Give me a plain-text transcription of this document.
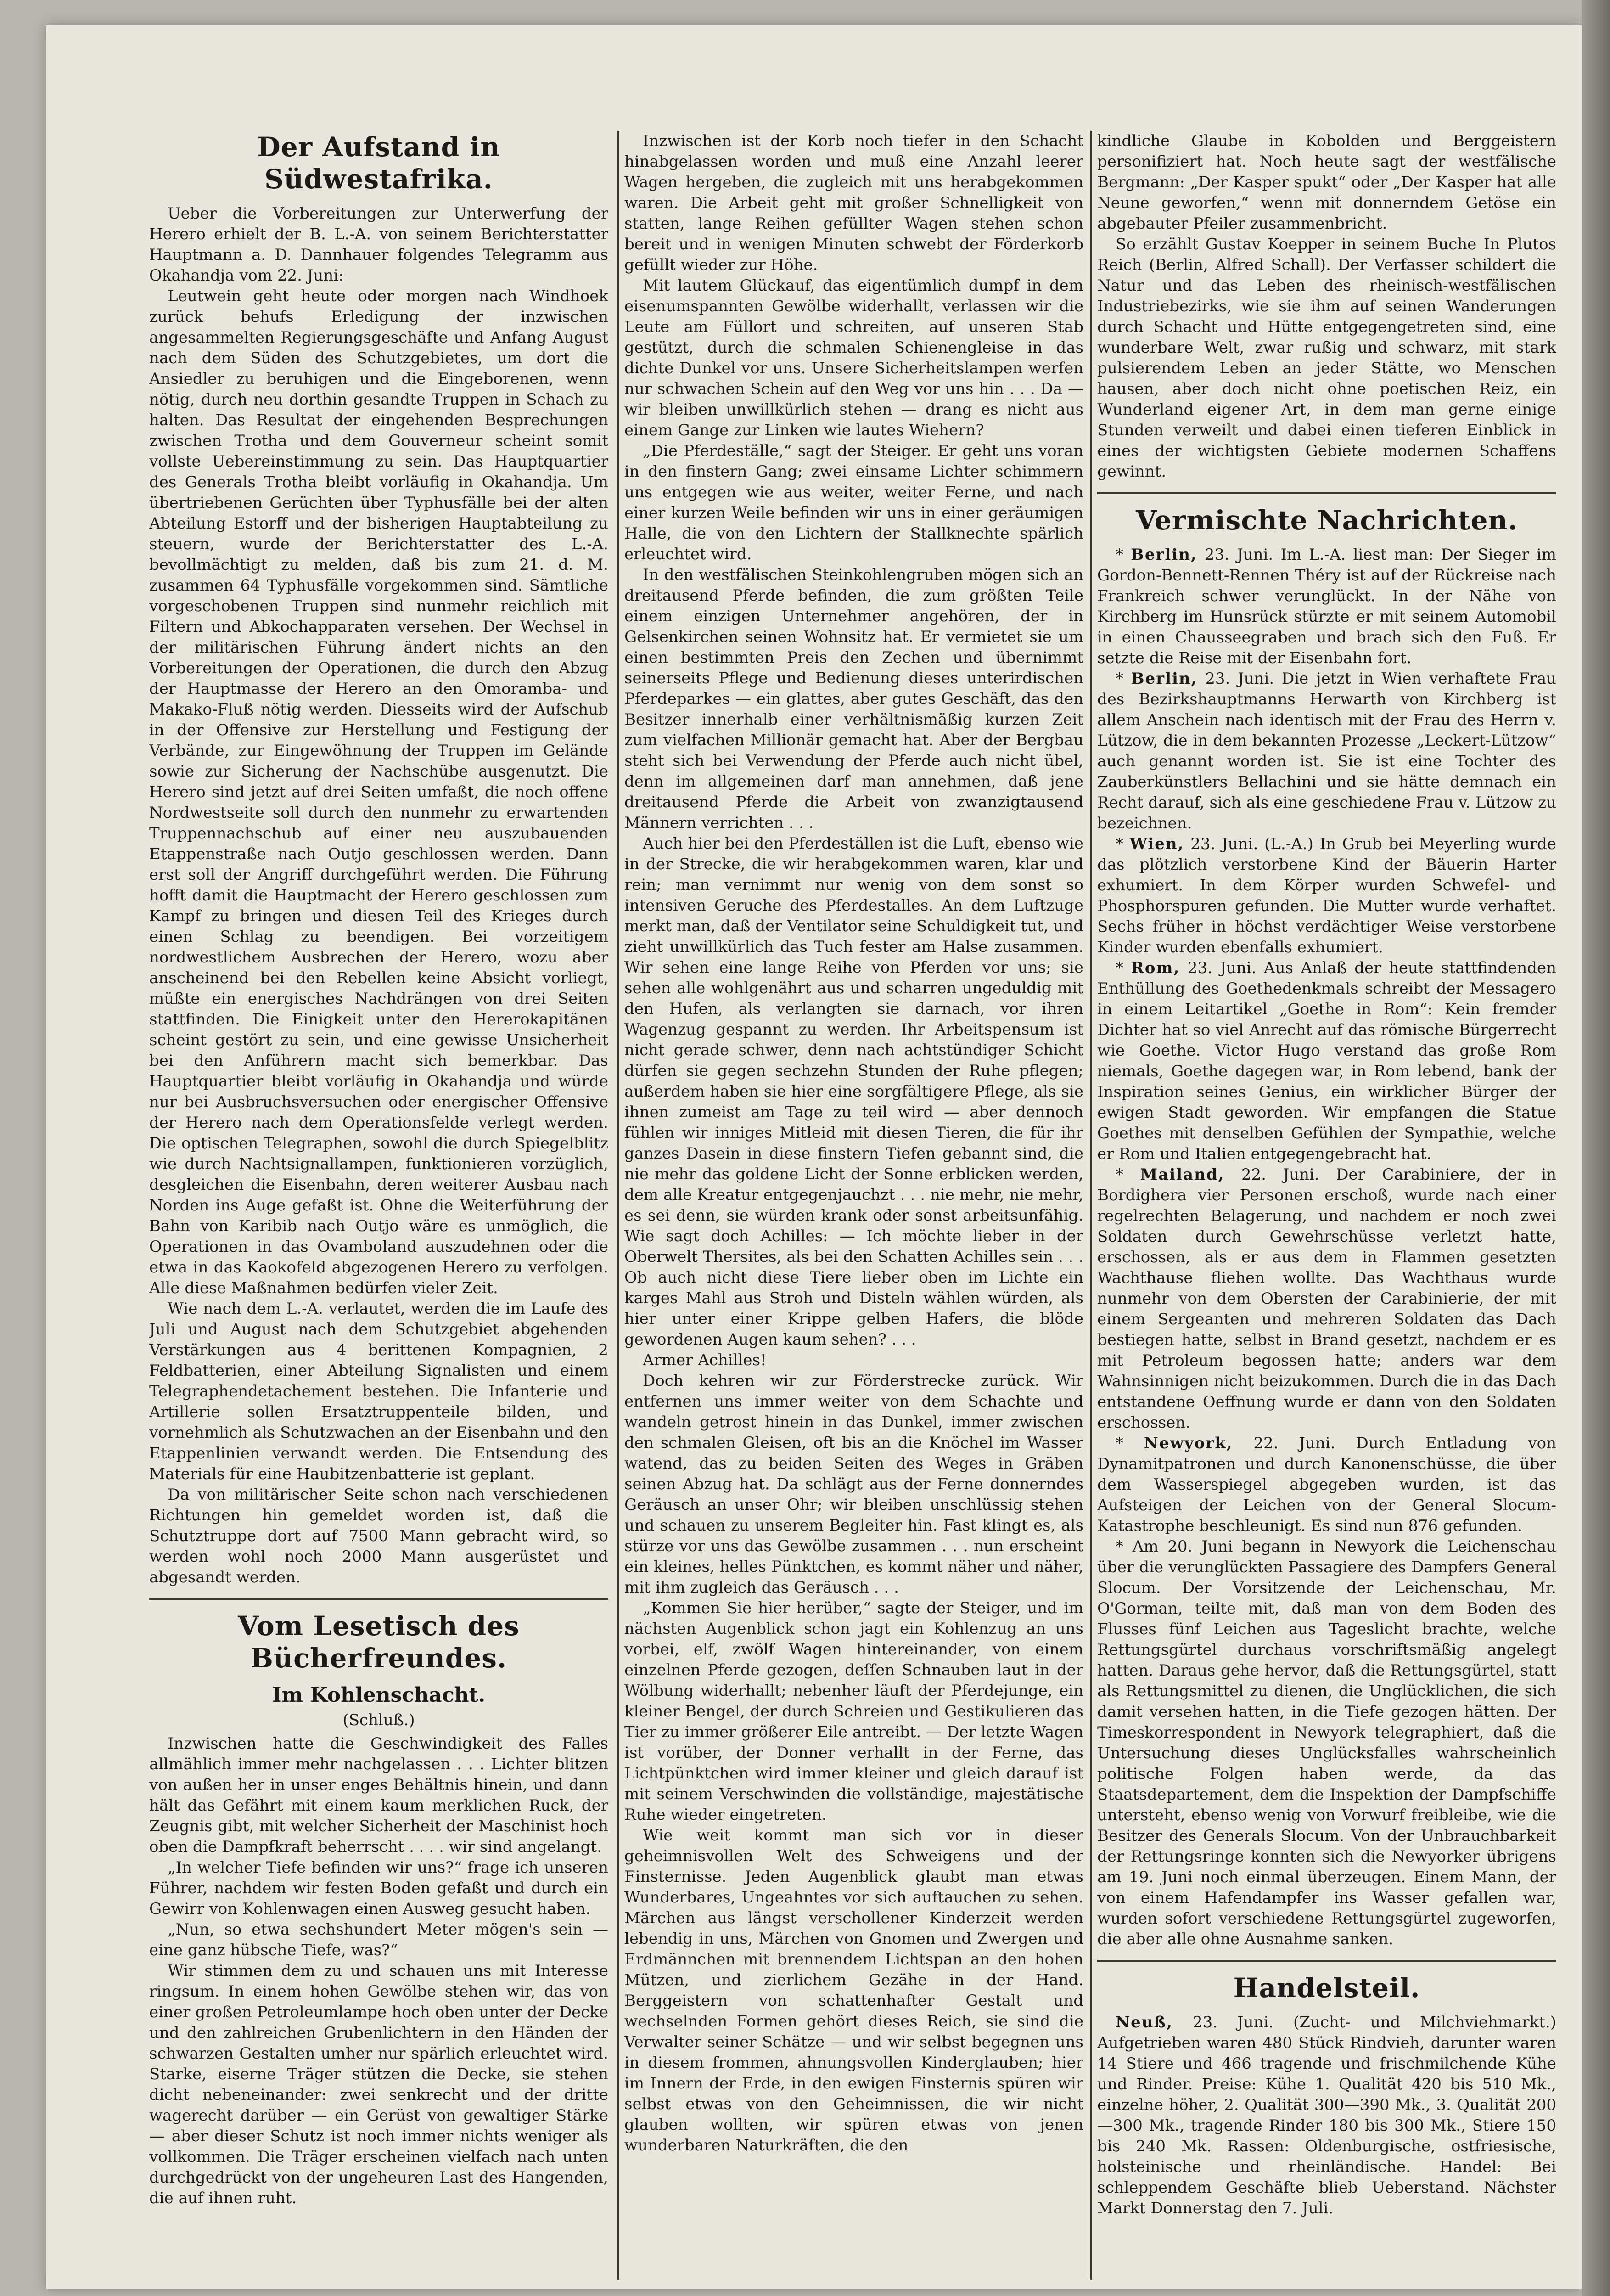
Der Aufstand in Südwestafrika.

Ueber die Vorbereitungen zur Unterwerfung der Herero erhielt der B. L.-A. von seinem Berichterstatter Hauptmann a. D. Dannhauer folgendes Telegramm aus Okahandja vom 22. Juni:

Leutwein geht heute oder morgen nach Windhoek zurück behufs Erledigung der inzwischen angesammelten Regierungsgeschäfte und Anfang August nach dem Süden des Schutzgebietes, um dort die Ansiedler zu beruhigen und die Eingeborenen, wenn nötig, durch neu dorthin gesandte Truppen in Schach zu halten. Das Resultat der eingehenden Besprechungen zwischen Trotha und dem Gouverneur scheint somit vollste Uebereinstimmung zu sein. Das Hauptquartier des Generals Trotha bleibt vorläufig in Okahandja. Um übertriebenen Gerüchten über Typhusfälle bei der alten Abteilung Estorff und der bisherigen Hauptabteilung zu steuern, wurde der Berichterstatter des L.-A. bevollmächtigt zu melden, daß bis zum 21. d. M. zusammen 64 Typhusfälle vorgekommen sind. Sämtliche vorgeschobenen Truppen sind nunmehr reichlich mit Filtern und Abkochapparaten versehen. Der Wechsel in der militärischen Führung ändert nichts an den Vorbereitungen der Operationen, die durch den Abzug der Hauptmasse der Herero an den Omoramba- und Makako-Fluß nötig werden. Diesseits wird der Aufschub in der Offensive zur Herstellung und Festigung der Verbände, zur Eingewöhnung der Truppen im Gelände sowie zur Sicherung der Nachschübe ausgenutzt. Die Herero sind jetzt auf drei Seiten umfaßt, die noch offene Nordwestseite soll durch den nunmehr zu erwartenden Truppennachschub auf einer neu auszubauenden Etappenstraße nach Outjo geschlossen werden. Dann erst soll der Angriff durchgeführt werden. Die Führung hofft damit die Hauptmacht der Herero geschlossen zum Kampf zu bringen und diesen Teil des Krieges durch einen Schlag zu beendigen. Bei vorzeitigem nordwestlichem Ausbrechen der Herero, wozu aber anscheinend bei den Rebellen keine Absicht vorliegt, müßte ein energisches Nachdrängen von drei Seiten stattfinden. Die Einigkeit unter den Hererokapitänen scheint gestört zu sein, und eine gewisse Unsicherheit bei den Anführern macht sich bemerkbar. Das Hauptquartier bleibt vorläufig in Okahandja und würde nur bei Ausbruchsversuchen oder energischer Offensive der Herero nach dem Operationsfelde verlegt werden. Die optischen Telegraphen, sowohl die durch Spiegelblitz wie durch Nachtsignallampen, funktionieren vorzüglich, desgleichen die Eisenbahn, deren weiterer Ausbau nach Norden ins Auge gefaßt ist. Ohne die Weiterführung der Bahn von Karibib nach Outjo wäre es unmöglich, die Operationen in das Ovamboland auszudehnen oder die etwa in das Kaokofeld abgezogenen Herero zu verfolgen. Alle diese Maßnahmen bedürfen vieler Zeit.

Wie nach dem L.-A. verlautet, werden die im Laufe des Juli und August nach dem Schutzgebiet abgehenden Verstärkungen aus 4 berittenen Kompagnien, 2 Feldbatterien, einer Abteilung Signalisten und einem Telegraphendetachement bestehen. Die Infanterie und Artillerie sollen Ersatztruppenteile bilden, und vornehmlich als Schutzwachen an der Eisenbahn und den Etappenlinien verwandt werden. Die Entsendung des Materials für eine Haubitzenbatterie ist geplant.

Da von militärischer Seite schon nach verschiedenen Richtungen hin gemeldet worden ist, daß die Schutztruppe dort auf 7500 Mann gebracht wird, so werden wohl noch 2000 Mann ausgerüstet und abgesandt werden.

Vom Lesetisch des Bücherfreundes.
Im Kohlenschacht.
(Schluß.)

Inzwischen hatte die Geschwindigkeit des Falles allmählich immer mehr nachgelassen . . . Lichter blitzen von außen her in unser enges Behältnis hinein, und dann hält das Gefährt mit einem kaum merklichen Ruck, der Zeugnis gibt, mit welcher Sicherheit der Maschinist hoch oben die Dampfkraft beherrscht . . . . wir sind angelangt.

„In welcher Tiefe befinden wir uns?“ frage ich unseren Führer, nachdem wir festen Boden gefaßt und durch ein Gewirr von Kohlenwagen einen Ausweg gesucht haben.

„Nun, so etwa sechshundert Meter mögen's sein — eine ganz hübsche Tiefe, was?“

Wir stimmen dem zu und schauen uns mit Interesse ringsum. In einem hohen Gewölbe stehen wir, das von einer großen Petroleumlampe hoch oben unter der Decke und den zahlreichen Grubenlichtern in den Händen der schwarzen Gestalten umher nur spärlich erleuchtet wird. Starke, eiserne Träger stützen die Decke, sie stehen dicht nebeneinander: zwei senkrecht und der dritte wagerecht darüber — ein Gerüst von gewaltiger Stärke — aber dieser Schutz ist noch immer nichts weniger als vollkommen. Die Träger erscheinen vielfach nach unten durchgedrückt von der ungeheuren Last des Hangenden, die auf ihnen ruht.

Inzwischen ist der Korb noch tiefer in den Schacht hinabgelassen worden und muß eine Anzahl leerer Wagen hergeben, die zugleich mit uns herabgekommen waren. Die Arbeit geht mit großer Schnelligkeit von statten, lange Reihen gefüllter Wagen stehen schon bereit und in wenigen Minuten schwebt der Förderkorb gefüllt wieder zur Höhe.

Mit lautem Glückauf, das eigentümlich dumpf in dem eisenumspannten Gewölbe widerhallt, verlassen wir die Leute am Füllort und schreiten, auf unseren Stab gestützt, durch die schmalen Schienengleise in das dichte Dunkel vor uns. Unsere Sicherheitslampen werfen nur schwachen Schein auf den Weg vor uns hin . . . Da — wir bleiben unwillkürlich stehen — drang es nicht aus einem Gange zur Linken wie lautes Wiehern?

„Die Pferdeställe,“ sagt der Steiger. Er geht uns voran in den finstern Gang; zwei einsame Lichter schimmern uns entgegen wie aus weiter, weiter Ferne, und nach einer kurzen Weile befinden wir uns in einer geräumigen Halle, die von den Lichtern der Stallknechte spärlich erleuchtet wird.

In den westfälischen Steinkohlengruben mögen sich an dreitausend Pferde befinden, die zum größten Teile einem einzigen Unternehmer angehören, der in Gelsenkirchen seinen Wohnsitz hat. Er vermietet sie um einen bestimmten Preis den Zechen und übernimmt seinerseits Pflege und Bedienung dieses unterirdischen Pferdeparkes — ein glattes, aber gutes Geschäft, das den Besitzer innerhalb einer verhältnismäßig kurzen Zeit zum vielfachen Millionär gemacht hat. Aber der Bergbau steht sich bei Verwendung der Pferde auch nicht übel, denn im allgemeinen darf man annehmen, daß jene dreitausend Pferde die Arbeit von zwanzigtausend Männern verrichten . . .

Auch hier bei den Pferdeställen ist die Luft, ebenso wie in der Strecke, die wir herabgekommen waren, klar und rein; man vernimmt nur wenig von dem sonst so intensiven Geruche des Pferdestalles. An dem Luftzuge merkt man, daß der Ventilator seine Schuldigkeit tut, und zieht unwillkürlich das Tuch fester am Halse zusammen. Wir sehen eine lange Reihe von Pferden vor uns; sie sehen alle wohlgenährt aus und scharren ungeduldig mit den Hufen, als verlangten sie darnach, vor ihren Wagenzug gespannt zu werden. Ihr Arbeitspensum ist nicht gerade schwer, denn nach achtstündiger Schicht dürfen sie gegen sechzehn Stunden der Ruhe pflegen; außerdem haben sie hier eine sorgfältigere Pflege, als sie ihnen zumeist am Tage zu teil wird — aber dennoch fühlen wir inniges Mitleid mit diesen Tieren, die für ihr ganzes Dasein in diese finstern Tiefen gebannt sind, die nie mehr das goldene Licht der Sonne erblicken werden, dem alle Kreatur entgegenjauchzt . . . nie mehr, nie mehr, es sei denn, sie würden krank oder sonst arbeitsunfähig. Wie sagt doch Achilles: — Ich möchte lieber in der Oberwelt Thersites, als bei den Schatten Achilles sein . . . Ob auch nicht diese Tiere lieber oben im Lichte ein karges Mahl aus Stroh und Disteln wählen würden, als hier unter einer Krippe gelben Hafers, die blöde gewordenen Augen kaum sehen? . . .

Armer Achilles!

Doch kehren wir zur Förderstrecke zurück. Wir entfernen uns immer weiter von dem Schachte und wandeln getrost hinein in das Dunkel, immer zwischen den schmalen Gleisen, oft bis an die Knöchel im Wasser watend, das zu beiden Seiten des Weges in Gräben seinen Abzug hat. Da schlägt aus der Ferne donnerndes Geräusch an unser Ohr; wir bleiben unschlüssig stehen und schauen zu unserem Begleiter hin. Fast klingt es, als stürze vor uns das Gewölbe zusammen . . . nun erscheint ein kleines, helles Pünktchen, es kommt näher und näher, mit ihm zugleich das Geräusch . . .

„Kommen Sie hier herüber,“ sagte der Steiger, und im nächsten Augenblick schon jagt ein Kohlenzug an uns vorbei, elf, zwölf Wagen hintereinander, von einem einzelnen Pferde gezogen, deſſen Schnauben laut in der Wölbung widerhallt; nebenher läuft der Pferdejunge, ein kleiner Bengel, der durch Schreien und Gestikulieren das Tier zu immer größerer Eile antreibt. — Der letzte Wagen ist vorüber, der Donner verhallt in der Ferne, das Lichtpünktchen wird immer kleiner und gleich darauf ist mit seinem Verschwinden die vollständige, majestätische Ruhe wieder eingetreten.

Wie weit kommt man sich vor in dieser geheimnisvollen Welt des Schweigens und der Finsternisse. Jeden Augenblick glaubt man etwas Wunderbares, Ungeahntes vor sich auftauchen zu sehen. Märchen aus längst verschollener Kinderzeit werden lebendig in uns, Märchen von Gnomen und Zwergen und Erdmännchen mit brennendem Lichtspan an den hohen Mützen, und zierlichem Gezähe in der Hand. Berggeistern von schattenhafter Gestalt und wechselnden Formen gehört dieses Reich, sie sind die Verwalter seiner Schätze — und wir selbst begegnen uns in diesem frommen, ahnungsvollen Kinderglauben; hier im Innern der Erde, in den ewigen Finsternis spüren wir selbst etwas von den Geheimnissen, die wir nicht glauben wollten, wir spüren etwas von jenen wunderbaren Naturkräften, die den

kindliche Glaube in Kobolden und Berggeistern personifiziert hat. Noch heute sagt der westfälische Bergmann: „Der Kasper spukt“ oder „Der Kasper hat alle Neune geworfen,“ wenn mit donnerndem Getöse ein abgebauter Pfeiler zusammenbricht.

So erzählt Gustav Koepper in seinem Buche In Plutos Reich (Berlin, Alfred Schall). Der Verfasser schildert die Natur und das Leben des rheinisch-westfälischen Industriebezirks, wie sie ihm auf seinen Wanderungen durch Schacht und Hütte entgegengetreten sind, eine wunderbare Welt, zwar rußig und schwarz, mit stark pulsierendem Leben an jeder Stätte, wo Menschen hausen, aber doch nicht ohne poetischen Reiz, ein Wunderland eigener Art, in dem man gerne einige Stunden verweilt und dabei einen tieferen Einblick in eines der wichtigsten Gebiete modernen Schaffens gewinnt.

Vermischte Nachrichten.

* Berlin, 23. Juni. Im L.-A. liest man: Der Sieger im Gordon-Bennett-Rennen Théry ist auf der Rückreise nach Frankreich schwer verunglückt. In der Nähe von Kirchberg im Hunsrück stürzte er mit seinem Automobil in einen Chausseegraben und brach sich den Fuß. Er setzte die Reise mit der Eisenbahn fort.

* Berlin, 23. Juni. Die jetzt in Wien verhaftete Frau des Bezirkshauptmanns Herwarth von Kirchberg ist allem Anschein nach identisch mit der Frau des Herrn v. Lützow, die in dem bekannten Prozesse „Leckert-Lützow“ auch genannt worden ist. Sie ist eine Tochter des Zauberkünstlers Bellachini und sie hätte demnach ein Recht darauf, sich als eine geschiedene Frau v. Lützow zu bezeichnen.

* Wien, 23. Juni. (L.-A.) In Grub bei Meyerling wurde das plötzlich verstorbene Kind der Bäuerin Harter exhumiert. In dem Körper wurden Schwefel- und Phosphorspuren gefunden. Die Mutter wurde verhaftet. Sechs früher in höchst verdächtiger Weise verstorbene Kinder wurden ebenfalls exhumiert.

* Rom, 23. Juni. Aus Anlaß der heute stattfindenden Enthüllung des Goethedenkmals schreibt der Messagero in einem Leitartikel „Goethe in Rom“: Kein fremder Dichter hat so viel Anrecht auf das römische Bürgerrecht wie Goethe. Victor Hugo verstand das große Rom niemals, Goethe dagegen war, in Rom lebend, bank der Inspiration seines Genius, ein wirklicher Bürger der ewigen Stadt geworden. Wir empfangen die Statue Goethes mit denselben Gefühlen der Sympathie, welche er Rom und Italien entgegengebracht hat.

* Mailand, 22. Juni. Der Carabiniere, der in Bordighera vier Personen erschoß, wurde nach einer regelrechten Belagerung, und nachdem er noch zwei Soldaten durch Gewehrschüsse verletzt hatte, erschossen, als er aus dem in Flammen gesetzten Wachthause fliehen wollte. Das Wachthaus wurde nunmehr von dem Obersten der Carabinierie, der mit einem Sergeanten und mehreren Soldaten das Dach bestiegen hatte, selbst in Brand gesetzt, nachdem er es mit Petroleum begossen hatte; anders war dem Wahnsinnigen nicht beizukommen. Durch die in das Dach entstandene Oeffnung wurde er dann von den Soldaten erschossen.

* Newyork, 22. Juni. Durch Entladung von Dynamitpatronen und durch Kanonenschüsse, die über dem Wasserspiegel abgegeben wurden, ist das Aufsteigen der Leichen von der General Slocum-Katastrophe beschleunigt. Es sind nun 876 gefunden.

* Am 20. Juni begann in Newyork die Leichenschau über die verunglückten Passagiere des Dampfers General Slocum. Der Vorsitzende der Leichenschau, Mr. O'Gorman, teilte mit, daß man von dem Boden des Flusses fünf Leichen aus Tageslicht brachte, welche Rettungsgürtel durchaus vorschriftsmäßig angelegt hatten. Daraus gehe hervor, daß die Rettungsgürtel, statt als Rettungsmittel zu dienen, die Unglücklichen, die sich damit versehen hatten, in die Tiefe gezogen hätten. Der Timeskorrespondent in Newyork telegraphiert, daß die Untersuchung dieses Unglücksfalles wahrscheinlich politische Folgen haben werde, da das Staatsdepartement, dem die Inspektion der Dampfschiffe untersteht, ebenso wenig von Vorwurf freibleibe, wie die Besitzer des Generals Slocum. Von der Unbrauchbarkeit der Rettungsringe konnten sich die Newyorker übrigens am 19. Juni noch einmal überzeugen. Einem Mann, der von einem Hafendampfer ins Wasser gefallen war, wurden sofort verschiedene Rettungsgürtel zugeworfen, die aber alle ohne Ausnahme sanken.

Handelsteil.

Neuß, 23. Juni. (Zucht- und Milchviehmarkt.) Aufgetrieben waren 480 Stück Rindvieh, darunter waren 14 Stiere und 466 tragende und frischmilchende Kühe und Rinder. Preise: Kühe 1. Qualität 420 bis 510 Mk., einzelne höher, 2. Qualität 300—390 Mk., 3. Qualität 200—300 Mk., tragende Rinder 180 bis 300 Mk., Stiere 150 bis 240 Mk. Rassen: Oldenburgische, ostfriesische, holsteinische und rheinländische. Handel: Bei schleppendem Geschäfte blieb Ueberstand. Nächster Markt Donnerstag den 7. Juli.
